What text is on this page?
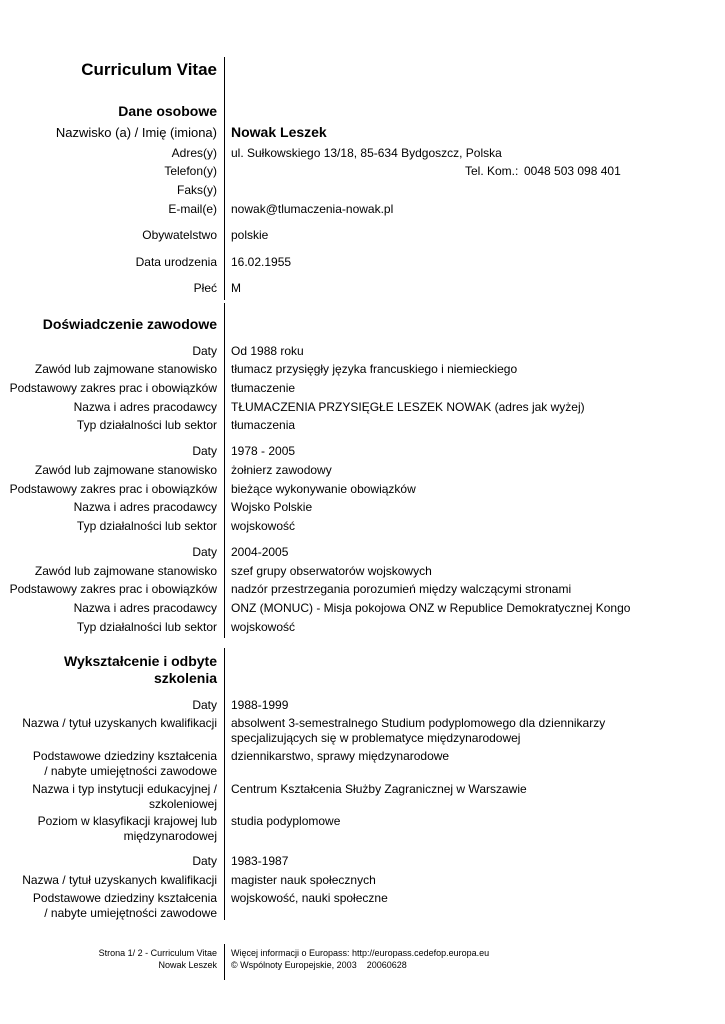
Curriculum Vitae
Dane osobowe
Nazwisko (a) / Imię (imiona) Nowak Leszek
Adres(y) ul. Sułkowskiego 13/18, 85-634 Bydgoszcz, Polska
Telefon(y)	Tel. Kom.: 0048 503 098 401
Faks(y)
E-mail(e) nowak@tlumaczenia-nowak.pl
Obywatelstwo polskie
Data urodzenia 16.02.1955
Płeć M
Doświadczenie zawodowe
Daty Od 1988 roku
Zawód lub zajmowane stanowisko tłumacz przysięgły języka francuskiego i niemieckiego
Podstawowy zakres prac i obowiązków tłumaczenie
Nazwa i adres pracodawcy TŁUMACZENIA PRZYSIĘGŁE LESZEK NOWAK (adres jak wyżej)
Typ działalności lub sektor tłumaczenia
Daty 1978 - 2005
Zawód lub zajmowane stanowisko żołnierz zawodowy
Podstawowy zakres prac i obowiązków bieżące wykonywanie obowiązków
Nazwa i adres pracodawcy Wojsko Polskie
Typ działalności lub sektor wojskowość
Daty 2004-2005
Zawód lub zajmowane stanowisko szef grupy obserwatorów wojskowych
Podstawowy zakres prac i obowiązków nadzór przestrzegania porozumień między walczącymi stronami
Nazwa i adres pracodawcy ONZ (MONUC) - Misja pokojowa ONZ w Republice Demokratycznej Kongo
Typ działalności lub sektor wojskowość
Wykształcenie i odbyte
szkolenia
Daty 1988-1999
Nazwa / tytuł uzyskanych kwalifikacji absolwent 3-semestralnego Studium podyplomowego dla dziennikarzy specjalizujących się w problematyce międzynarodowej
Podstawowe dziedziny kształcenia / nabyte umiejętności zawodowe
dziennikarstwo, sprawy międzynarodowe
Nazwa i typ instytucji edukacyjnej / szkoleniowej
Centrum Kształcenia Służby Zagranicznej w Warszawie
Poziom w klasyfikacji krajowej lub międzynarodowej
studia podyplomowe
Daty 1983-1987
Nazwa / tytuł uzyskanych kwalifikacji magister nauk społecznych
Podstawowe dziedziny kształcenia / nabyte umiejętności zawodowe
wojskowość, nauki społeczne
Strona 1/ 2 - Curriculum Vitae
Nowak Leszek
Więcej informacji o Europass: http://europass.cedefop.europa.eu
© Wspólnoty Europejskie, 2003    20060628
